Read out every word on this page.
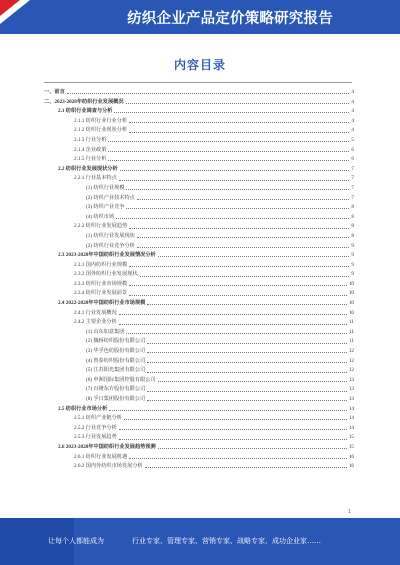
纺织企业产品定价策略研究报告
内容目录
一、前言	4
二、2023-2028年纺织行业发展概况	4
2.1 纺织行业调查与分析	4
2.1.1 纺织行业行业分析	4
2.1.2 纺织行业现状分析	4
2.1.3 行业分析	5
2.1.4 企业政策	6
2.1.5 行业分析	6
2.2 纺织行业发展现状分析	7
2.2.1 行业基本特点	7
(1) 纺织行业规模	7
(2) 纺织产业技术特点	7
(3) 纺织产业竞争	8
(4) 纺织市场	8
2.2.2 纺织行业发展趋势	8
(1) 纺织行业发展现状	8
(2) 纺织行业竞争分析	9
2.3 2023-2028年中国纺织行业发展情况分析	9
2.3.1 国内纺织行业规模	9
2.3.2 国外纺织行业发展现状	9
2.3.3 纺织行业市场规模	10
2.3.4 纺织行业发展前景	10
2.4 2022-2028年中国纺织行业市场规模	10
2.4.1 行业发展概况	10
2.4.2 主要企业分析	11
(1) 山东如意集团	11
(2) 魏桥纺织股份有限公司	11
(3) 华孚色纺股份有限公司	12
(4) 鲁泰纺织股份有限公司	12
(5) 江苏阳光集团有限公司	12
(6) 申洲国际集团控股有限公司	13
(7) 百隆东方股份有限公司	13
(8) 孚日集团股份有限公司	13
2.5 纺织行业市场分析	14
2.5.1 纺织产业链分析	14
2.5.2 行业竞争分析	14
2.5.3 行业发展趋势	15
2.6 2023-2028年中国纺织行业发展趋势预测	15
2.6.1 纺织行业发展机遇	16
2.6.2 国内外纺织市场发展分析	16
1
让每个人都能成为	行业专家、管理专家、营销专家、战略专家、成功企业家……
